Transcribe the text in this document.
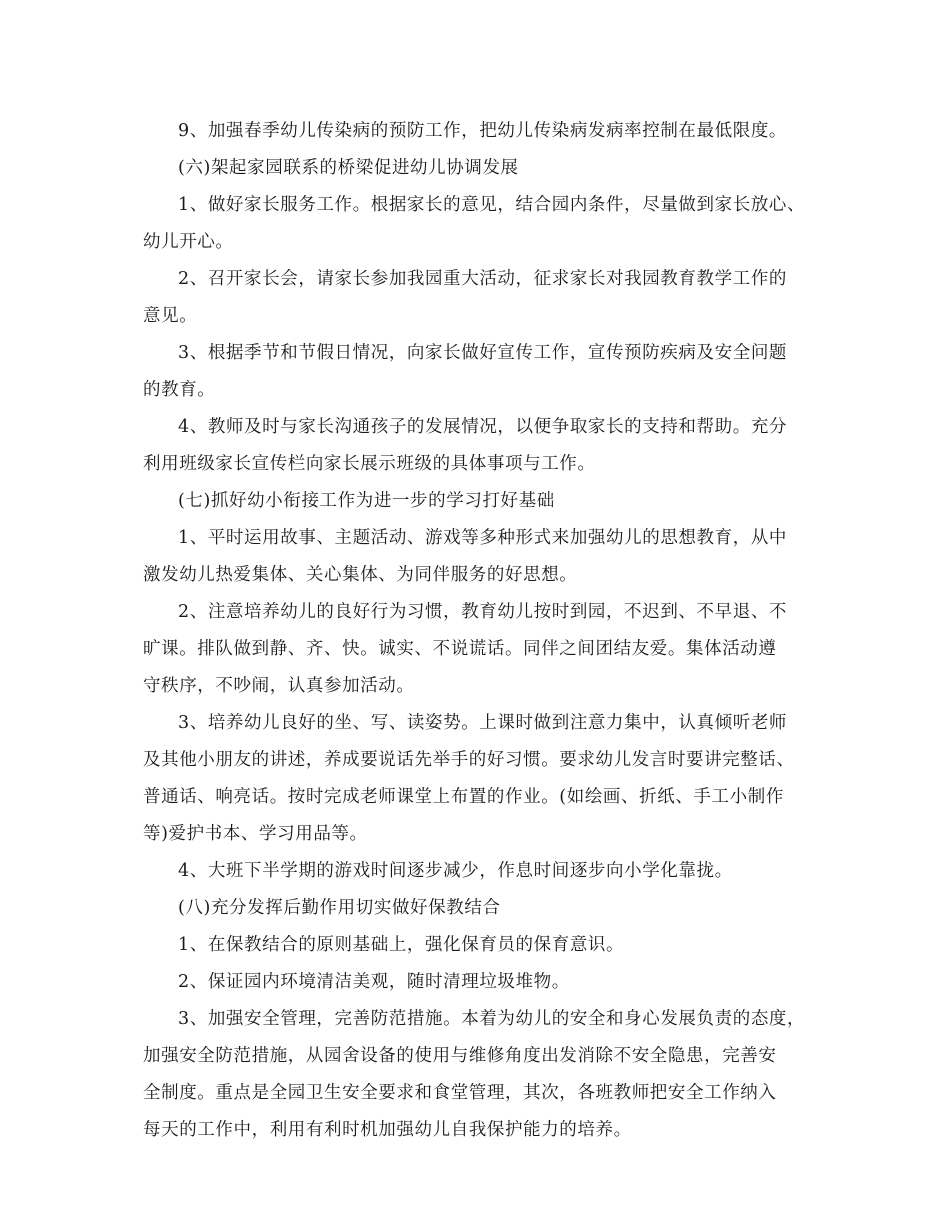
9、加强春季幼儿传染病的预防工作，把幼儿传染病发病率控制在最低限度。
(六)架起家园联系的桥梁促进幼儿协调发展
1、做好家长服务工作。根据家长的意见，结合园内条件，尽量做到家长放心、
幼儿开心。
2、召开家长会，请家长参加我园重大活动，征求家长对我园教育教学工作的
意见。
3、根据季节和节假日情况，向家长做好宣传工作，宣传预防疾病及安全问题
的教育。
4、教师及时与家长沟通孩子的发展情况，以便争取家长的支持和帮助。充分
利用班级家长宣传栏向家长展示班级的具体事项与工作。
(七)抓好幼小衔接工作为进一步的学习打好基础
1、平时运用故事、主题活动、游戏等多种形式来加强幼儿的思想教育，从中
激发幼儿热爱集体、关心集体、为同伴服务的好思想。
2、注意培养幼儿的良好行为习惯，教育幼儿按时到园，不迟到、不早退、不
旷课。排队做到静、齐、快。诚实、不说谎话。同伴之间团结友爱。集体活动遵
守秩序，不吵闹，认真参加活动。
3、培养幼儿良好的坐、写、读姿势。上课时做到注意力集中，认真倾听老师
及其他小朋友的讲述，养成要说话先举手的好习惯。要求幼儿发言时要讲完整话、
普通话、响亮话。按时完成老师课堂上布置的作业。(如绘画、折纸、手工小制作
等)爱护书本、学习用品等。
4、大班下半学期的游戏时间逐步减少，作息时间逐步向小学化靠拢。
(八)充分发挥后勤作用切实做好保教结合
1、在保教结合的原则基础上，强化保育员的保育意识。
2、保证园内环境清洁美观，随时清理垃圾堆物。
3、加强安全管理，完善防范措施。本着为幼儿的安全和身心发展负责的态度，
加强安全防范措施，从园舍设备的使用与维修角度出发消除不安全隐患，完善安
全制度。重点是全园卫生安全要求和食堂管理，其次，各班教师把安全工作纳入
每天的工作中，利用有利时机加强幼儿自我保护能力的培养。
